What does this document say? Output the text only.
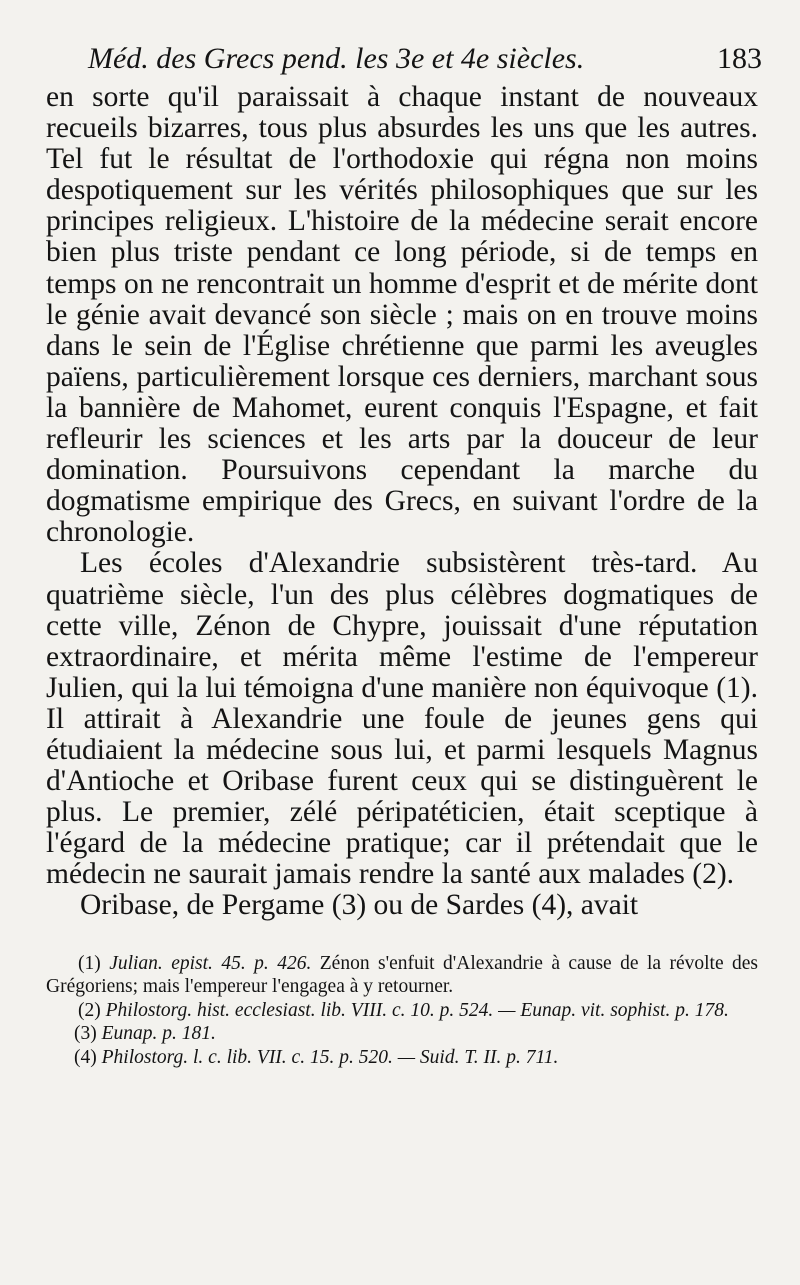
Méd. des Grecs pend. les 3e et 4e siècles.	183

en sorte qu'il paraissait à chaque instant de nouveaux recueils bizarres, tous plus absurdes les uns que les autres. Tel fut le résultat de l'orthodoxie qui régna non moins despotiquement sur les vérités philosophiques que sur les principes religieux. L'histoire de la médecine serait encore bien plus triste pendant ce long période, si de temps en temps on ne rencontrait un homme d'esprit et de mérite dont le génie avait devancé son siècle ; mais on en trouve moins dans le sein de l'Église chrétienne que parmi les aveugles païens, particulièrement lorsque ces derniers, marchant sous la bannière de Mahomet, eurent conquis l'Espagne, et fait refleurir les sciences et les arts par la douceur de leur domination. Poursuivons cependant la marche du dogmatisme empirique des Grecs, en suivant l'ordre de la chronologie.

Les écoles d'Alexandrie subsistèrent très-tard. Au quatrième siècle, l'un des plus célèbres dogmatiques de cette ville, Zénon de Chypre, jouissait d'une réputation extraordinaire, et mérita même l'estime de l'empereur Julien, qui la lui témoigna d'une manière non équivoque (1). Il attirait à Alexandrie une foule de jeunes gens qui étudiaient la médecine sous lui, et parmi lesquels Magnus d'Antioche et Oribase furent ceux qui se distinguèrent le plus. Le premier, zélé péripatéticien, était sceptique à l'égard de la médecine pratique; car il prétendait que le médecin ne saurait jamais rendre la santé aux malades (2).

Oribase, de Pergame (3) ou de Sardes (4), avait

(1) Julian. epist. 45. p. 426. Zénon s'enfuit d'Alexandrie à cause de la révolte des Grégoriens; mais l'empereur l'engagea à y retourner.

(2) Philostorg. hist. ecclesiast. lib. VIII. c. 10. p. 524. — Eunap. vit. sophist. p. 178.

(3) Eunap. p. 181.

(4) Philostorg. l. c. lib. VII. c. 15. p. 520. — Suid. T. II. p. 711.
